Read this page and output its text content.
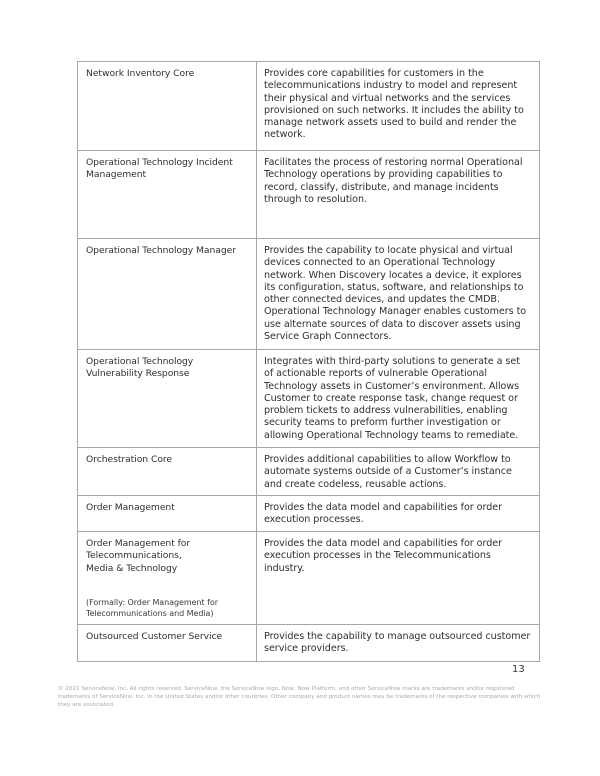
Network Inventory Core	Provides core capabilities for customers in the telecommunications industry to model and represent their physical and virtual networks and the services provisioned on such networks. It includes the ability to manage network assets used to build and render the network.

Operational Technology Incident Management	Facilitates the process of restoring normal Operational Technology operations by providing capabilities to record, classify, distribute, and manage incidents through to resolution.

Operational Technology Manager	Provides the capability to locate physical and virtual devices connected to an Operational Technology network. When Discovery locates a device, it explores its configuration, status, software, and relationships to other connected devices, and updates the CMDB. Operational Technology Manager enables customers to use alternate sources of data to discover assets using Service Graph Connectors.

Operational Technology
Vulnerability Response	Integrates with third-party solutions to generate a set of actionable reports of vulnerable Operational Technology assets in Customer’s environment. Allows Customer to create response task, change request or problem tickets to address vulnerabilities, enabling security teams to preform further investigation or allowing Operational Technology teams to remediate.

Orchestration Core	Provides additional capabilities to allow Workflow to automate systems outside of a Customer’s instance and create codeless, reusable actions.

Order Management	Provides the data model and capabilities for order execution processes.

Order Management for
Telecommunications,
Media & Technology
(Formally: Order Management for Telecommunications and Media)	Provides the data model and capabilities for order execution processes in the Telecommunications industry.

Outsourced Customer Service	Provides the capability to manage outsourced customer service providers.
13
© 2022 ServiceNow, Inc. All rights reserved. ServiceNow, the ServiceNow logo, Now, Now Platform, and other ServiceNow marks are trademarks and/or registered trademarks of ServiceNow, Inc. in the United States and/or other countries. Other company and product names may be trademarks of the respective companies with which they are associated.
